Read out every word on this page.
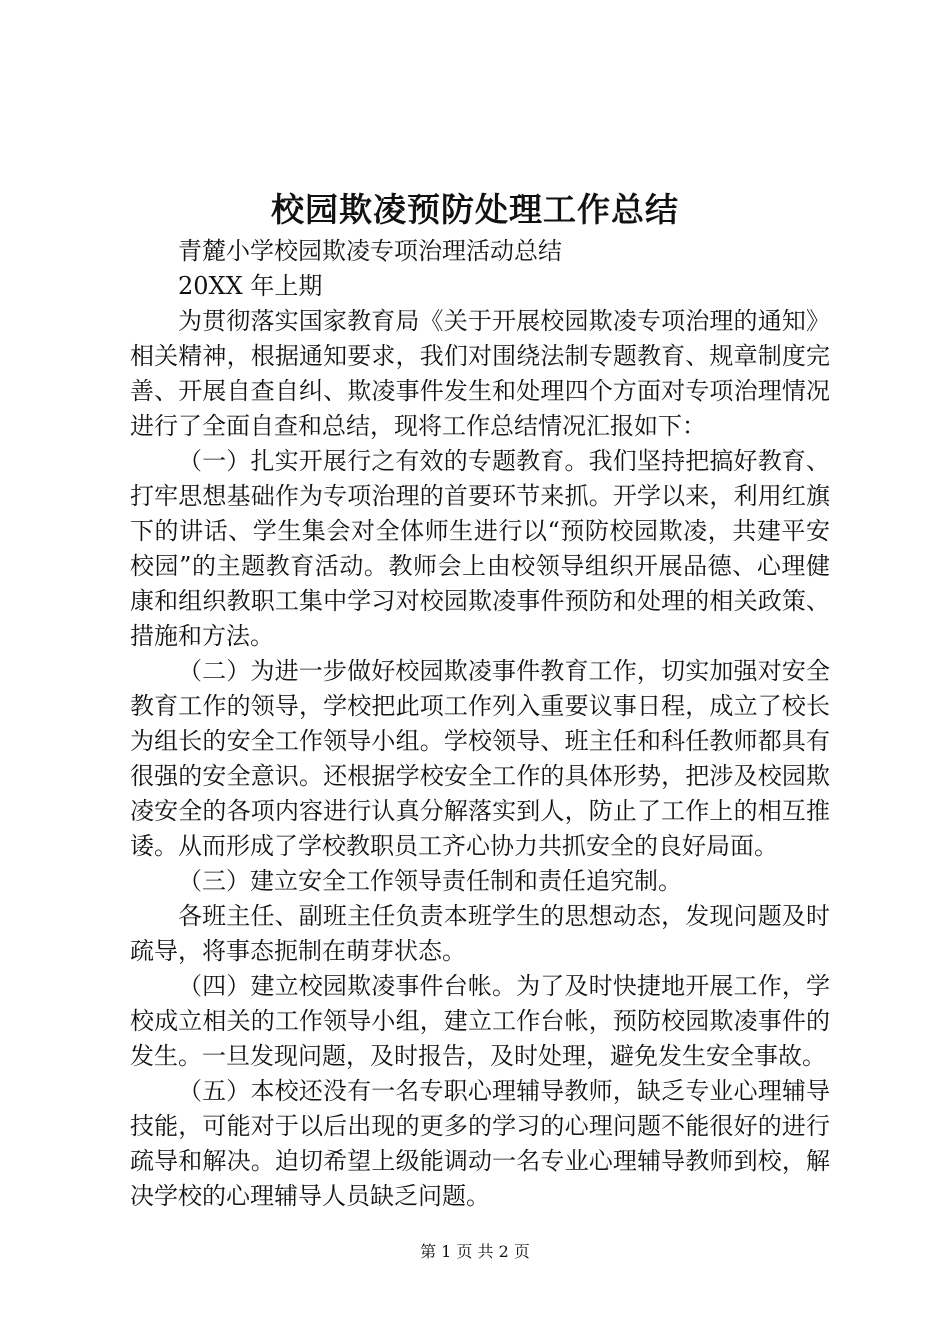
校园欺凌预防处理工作总结

青麓小学校园欺凌专项治理活动总结

20XX 年上期

为贯彻落实国家教育局《关于开展校园欺凌专项治理的通知》相关精神，根据通知要求，我们对围绕法制专题教育、规章制度完善、开展自查自纠、欺凌事件发生和处理四个方面对专项治理情况进行了全面自查和总结，现将工作总结情况汇报如下：

（一）扎实开展行之有效的专题教育。我们坚持把搞好教育、打牢思想基础作为专项治理的首要环节来抓。开学以来，利用红旗下的讲话、学生集会对全体师生进行以“预防校园欺凌，共建平安校园”的主题教育活动。教师会上由校领导组织开展品德、心理健康和组织教职工集中学习对校园欺凌事件预防和处理的相关政策、措施和方法。

（二）为进一步做好校园欺凌事件教育工作，切实加强对安全教育工作的领导，学校把此项工作列入重要议事日程，成立了校长为组长的安全工作领导小组。学校领导、班主任和科任教师都具有很强的安全意识。还根据学校安全工作的具体形势，把涉及校园欺凌安全的各项内容进行认真分解落实到人，防止了工作上的相互推诿。从而形成了学校教职员工齐心协力共抓安全的良好局面。

（三）建立安全工作领导责任制和责任追究制。

各班主任、副班主任负责本班学生的思想动态，发现问题及时疏导，将事态扼制在萌芽状态。

（四）建立校园欺凌事件台帐。为了及时快捷地开展工作，学校成立相关的工作领导小组，建立工作台帐，预防校园欺凌事件的发生。一旦发现问题，及时报告，及时处理，避免发生安全事故。

（五）本校还没有一名专职心理辅导教师，缺乏专业心理辅导技能，可能对于以后出现的更多的学习的心理问题不能很好的进行疏导和解决。迫切希望上级能调动一名专业心理辅导教师到校，解决学校的心理辅导人员缺乏问题。

第 1 页 共 2 页
